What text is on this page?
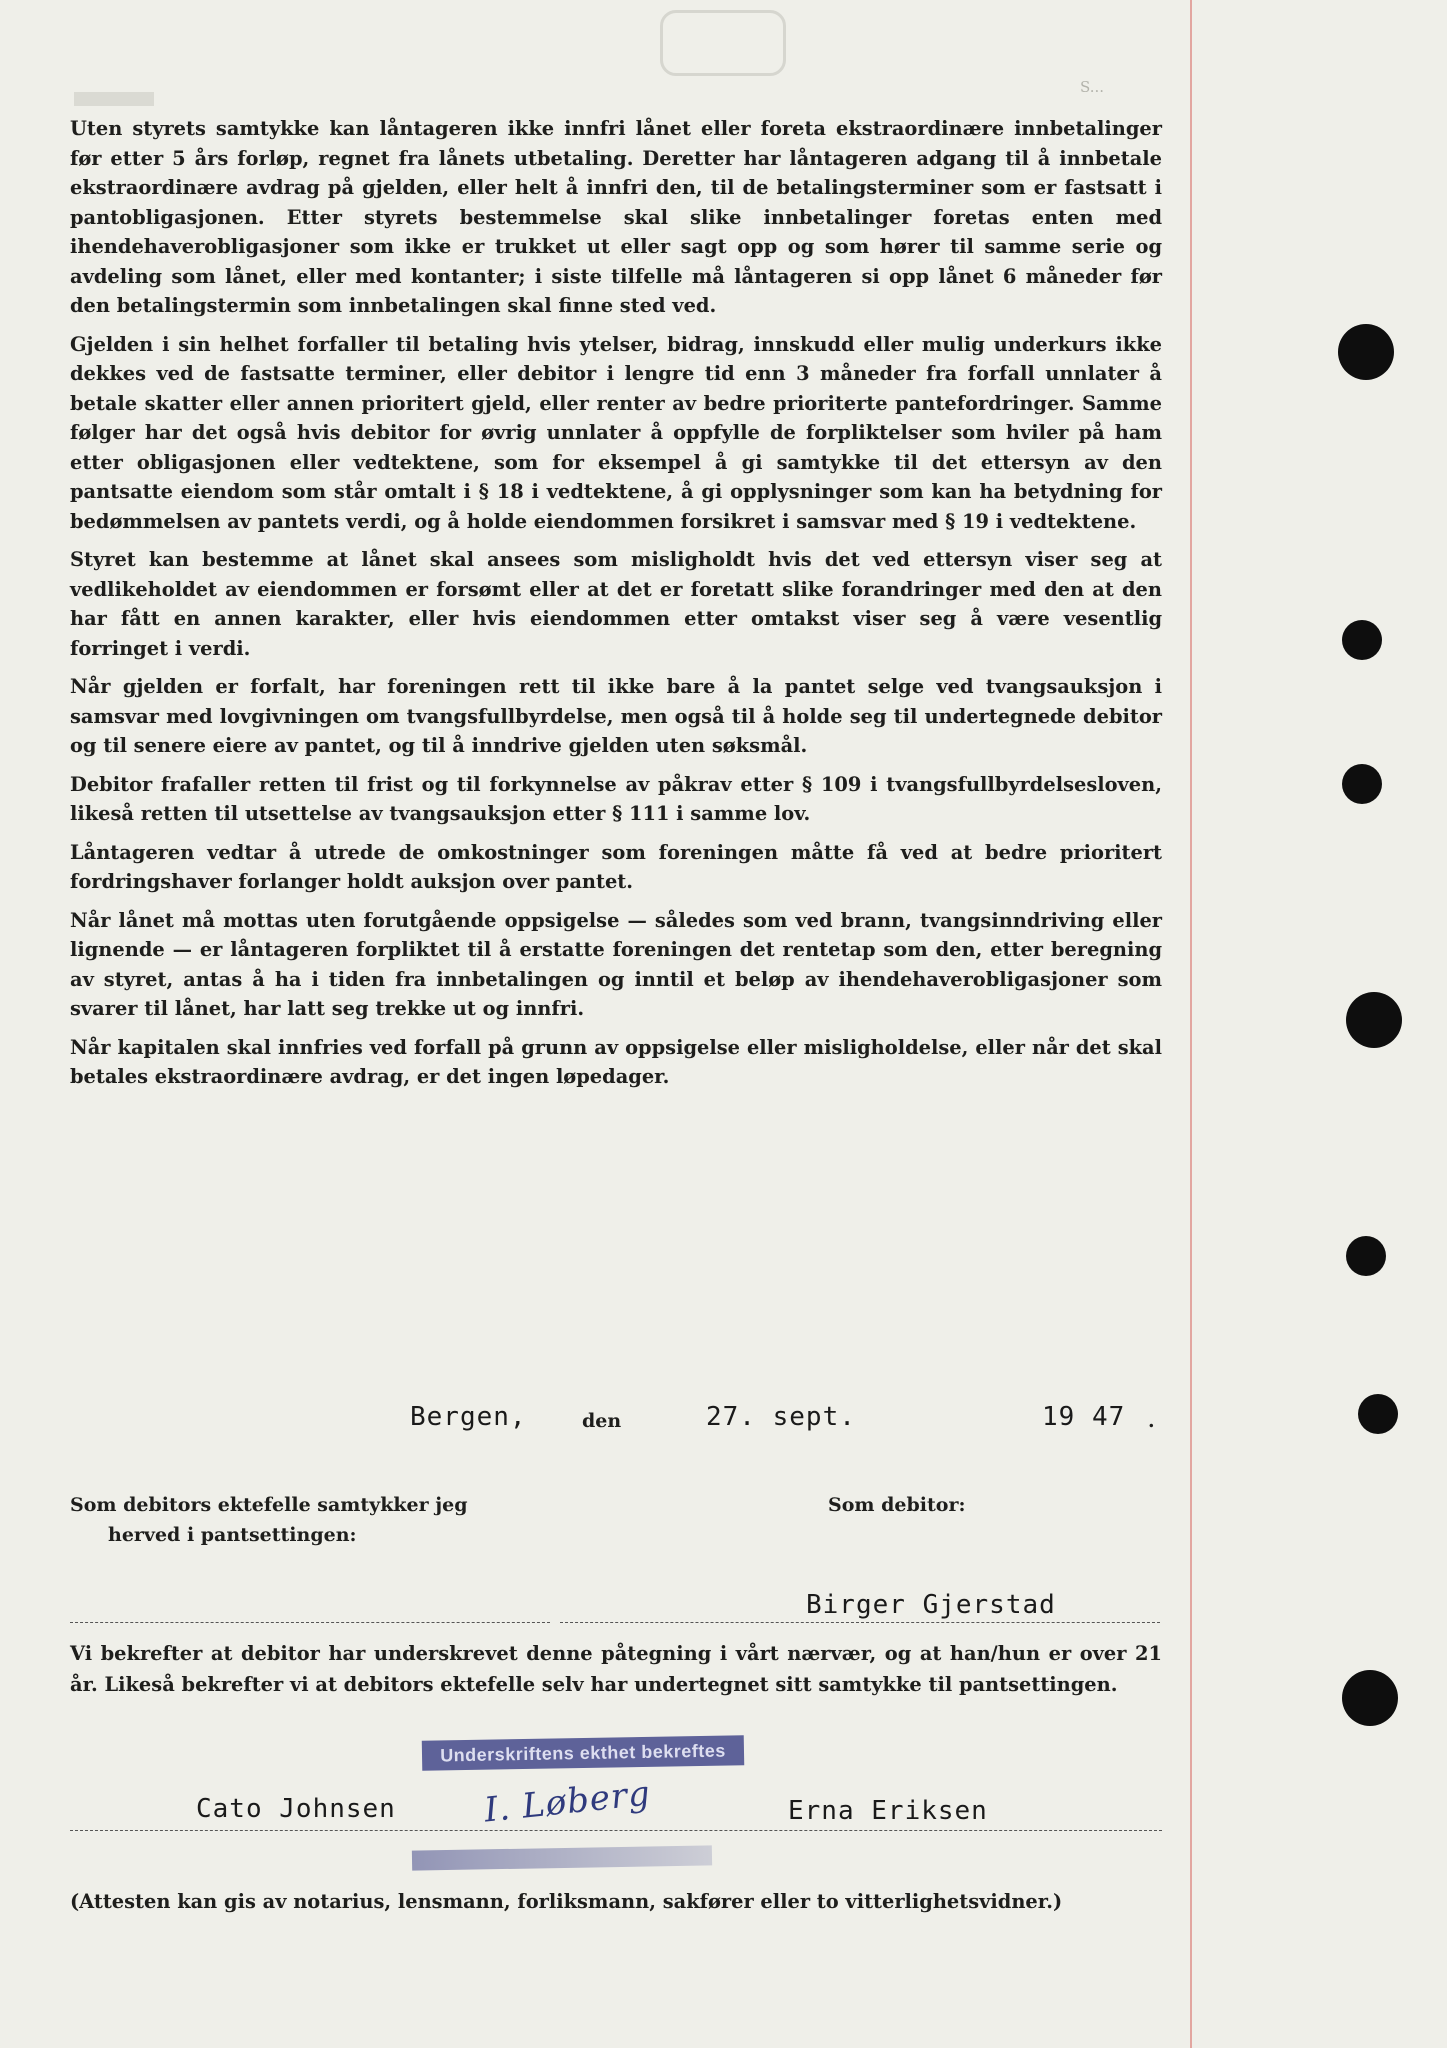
S...

Uten styrets samtykke kan låntageren ikke innfri lånet eller foreta ekstraordinære innbetalinger før etter 5 års forløp, regnet fra lånets utbetaling. Deretter har låntageren adgang til å innbetale ekstraordinære avdrag på gjelden, eller helt å innfri den, til de betalingsterminer som er fastsatt i pantobligasjonen. Etter styrets bestemmelse skal slike innbetalinger foretas enten med ihendehaverobligasjoner som ikke er trukket ut eller sagt opp og som hører til samme serie og avdeling som lånet, eller med kontanter; i siste tilfelle må låntageren si opp lånet 6 måneder før den betalingstermin som innbetalingen skal finne sted ved.

Gjelden i sin helhet forfaller til betaling hvis ytelser, bidrag, innskudd eller mulig underkurs ikke dekkes ved de fastsatte terminer, eller debitor i lengre tid enn 3 måneder fra forfall unnlater å betale skatter eller annen prioritert gjeld, eller renter av bedre prioriterte pantefordringer. Samme følger har det også hvis debitor for øvrig unnlater å oppfylle de forpliktelser som hviler på ham etter obligasjonen eller vedtektene, som for eksempel å gi samtykke til det ettersyn av den pantsatte eiendom som står omtalt i § 18 i vedtektene, å gi opplysninger som kan ha betydning for bedømmelsen av pantets verdi, og å holde eiendommen forsikret i samsvar med § 19 i vedtektene.

Styret kan bestemme at lånet skal ansees som misligholdt hvis det ved ettersyn viser seg at vedlikeholdet av eiendommen er forsømt eller at det er foretatt slike forandringer med den at den har fått en annen karakter, eller hvis eiendommen etter omtakst viser seg å være vesentlig forringet i verdi.

Når gjelden er forfalt, har foreningen rett til ikke bare å la pantet selge ved tvangsauksjon i samsvar med lovgivningen om tvangsfullbyrdelse, men også til å holde seg til undertegnede debitor og til senere eiere av pantet, og til å inndrive gjelden uten søksmål.

Debitor frafaller retten til frist og til forkynnelse av påkrav etter § 109 i tvangsfullbyrdelsesloven, likeså retten til utsettelse av tvangsauksjon etter § 111 i samme lov.

Låntageren vedtar å utrede de omkostninger som foreningen måtte få ved at bedre prioritert fordringshaver forlanger holdt auksjon over pantet.

Når lånet må mottas uten forutgående oppsigelse — således som ved brann, tvangsinndriving eller lignende — er låntageren forpliktet til å erstatte foreningen det rentetap som den, etter beregning av styret, antas å ha i tiden fra innbetalingen og inntil et beløp av ihendehaverobligasjoner som svarer til lånet, har latt seg trekke ut og innfri.

Når kapitalen skal innfries ved forfall på grunn av oppsigelse eller misligholdelse, eller når det skal betales ekstraordinære avdrag, er det ingen løpedager.

Bergen,	den	27. sept.	19 47 .
Som debitors ektefelle samtykker jeg
herved i pantsettingen:
Som debitor:
Birger Gjerstad
Vi bekrefter at debitor har underskrevet denne påtegning i vårt nærvær, og at han/hun er over 21 år. Likeså bekrefter vi at debitors ektefelle selv har undertegnet sitt samtykke til pantsettingen.
Underskriftens ekthet bekreftes
I. Løberg
Cato Johnsen	Erna Eriksen
(Attesten kan gis av notarius, lensmann, forliksmann, sakfører eller to vitterlighetsvidner.)
